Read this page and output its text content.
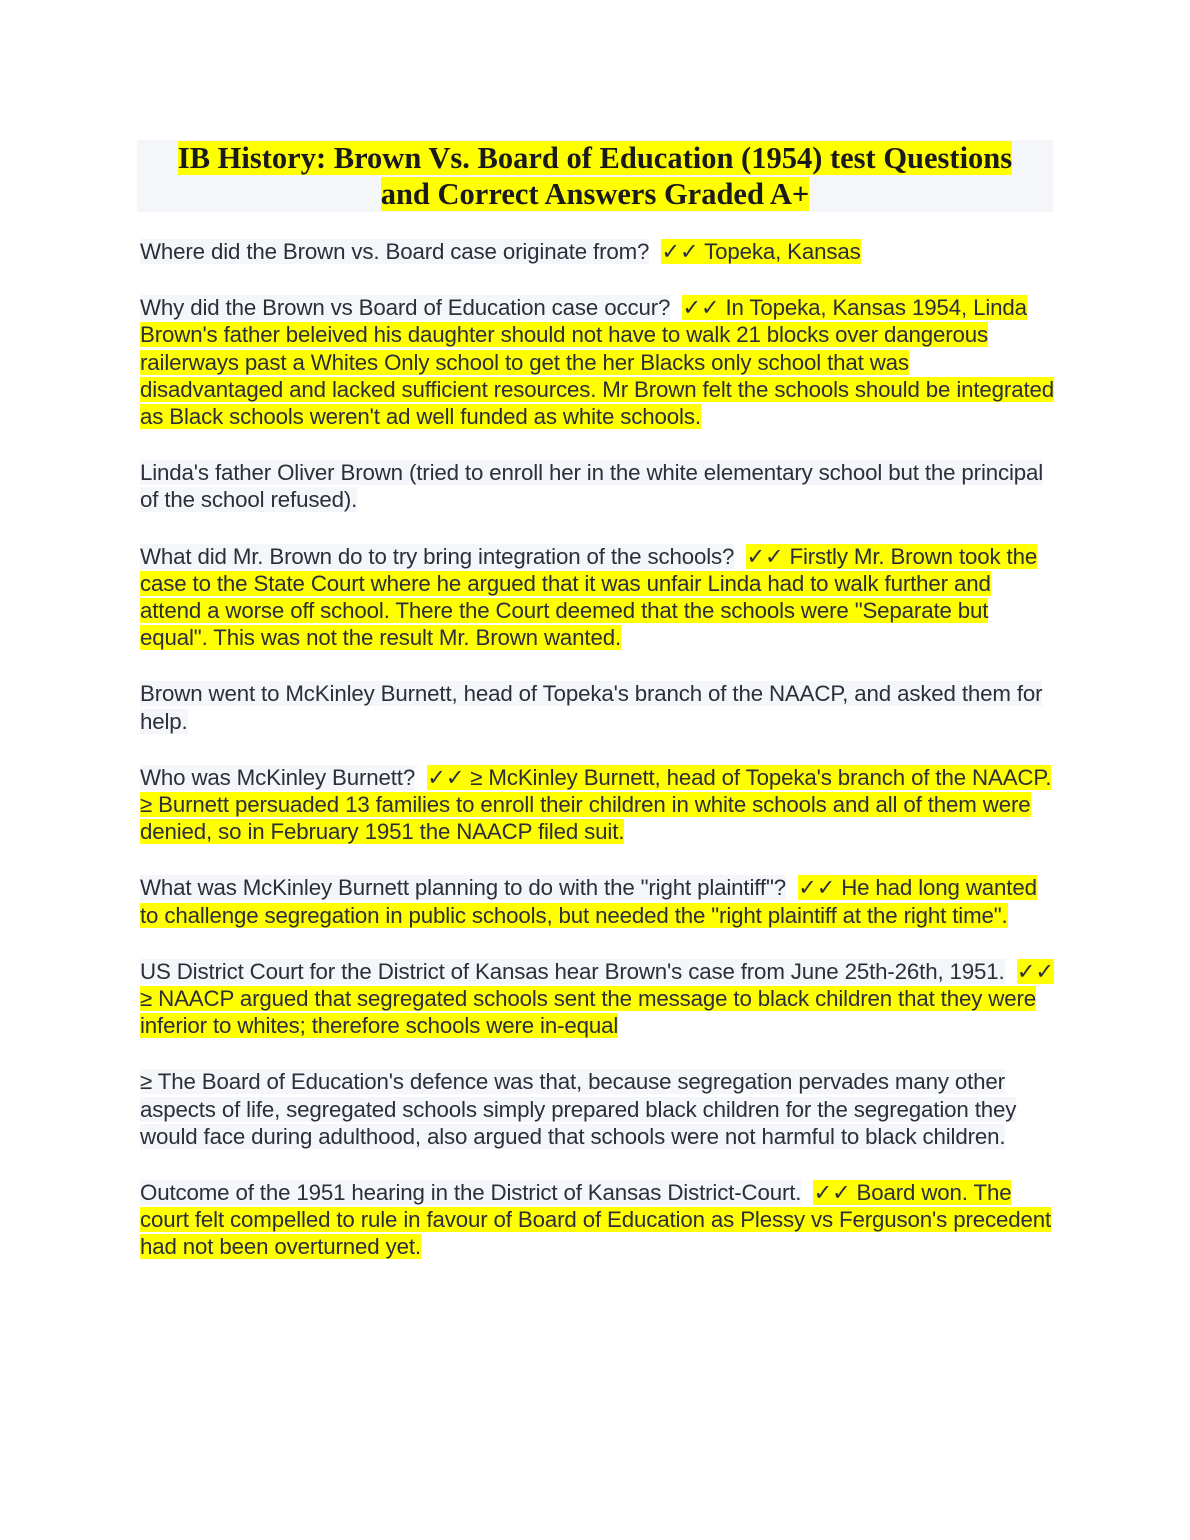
IB History: Brown Vs. Board of Education (1954) test Questions
and Correct Answers Graded A+
Where did the Brown vs. Board case originate from? ✓✓ Topeka, Kansas
Why did the Brown vs Board of Education case occur? ✓✓ In Topeka, Kansas 1954, Linda Brown's father beleived his daughter should not have to walk 21 blocks over dangerous railerways past a Whites Only school to get the her Blacks only school that was disadvantaged and lacked sufficient resources. Mr Brown felt the schools should be integrated as Black schools weren't ad well funded as white schools.
Linda's father Oliver Brown (tried to enroll her in the white elementary school but the principal of the school refused).
What did Mr. Brown do to try bring integration of the schools? ✓✓ Firstly Mr. Brown took the case to the State Court where he argued that it was unfair Linda had to walk further and attend a worse off school. There the Court deemed that the schools were "Separate but equal". This was not the result Mr. Brown wanted.
Brown went to McKinley Burnett, head of Topeka's branch of the NAACP, and asked them for help.
Who was McKinley Burnett? ✓✓ ≥ McKinley Burnett, head of Topeka's branch of the NAACP.
≥ Burnett persuaded 13 families to enroll their children in white schools and all of them were denied, so in February 1951 the NAACP filed suit.
What was McKinley Burnett planning to do with the "right plaintiff"? ✓✓ He had long wanted to challenge segregation in public schools, but needed the "right plaintiff at the right time".
US District Court for the District of Kansas hear Brown's case from June 25th-26th, 1951. ✓✓ ≥ NAACP argued that segregated schools sent the message to black children that they were inferior to whites; therefore schools were in-equal
≥ The Board of Education's defence was that, because segregation pervades many other aspects of life, segregated schools simply prepared black children for the segregation they would face during adulthood, also argued that schools were not harmful to black children.
Outcome of the 1951 hearing in the District of Kansas District-Court. ✓✓ Board won. The court felt compelled to rule in favour of Board of Education as Plessy vs Ferguson's precedent had not been overturned yet.
